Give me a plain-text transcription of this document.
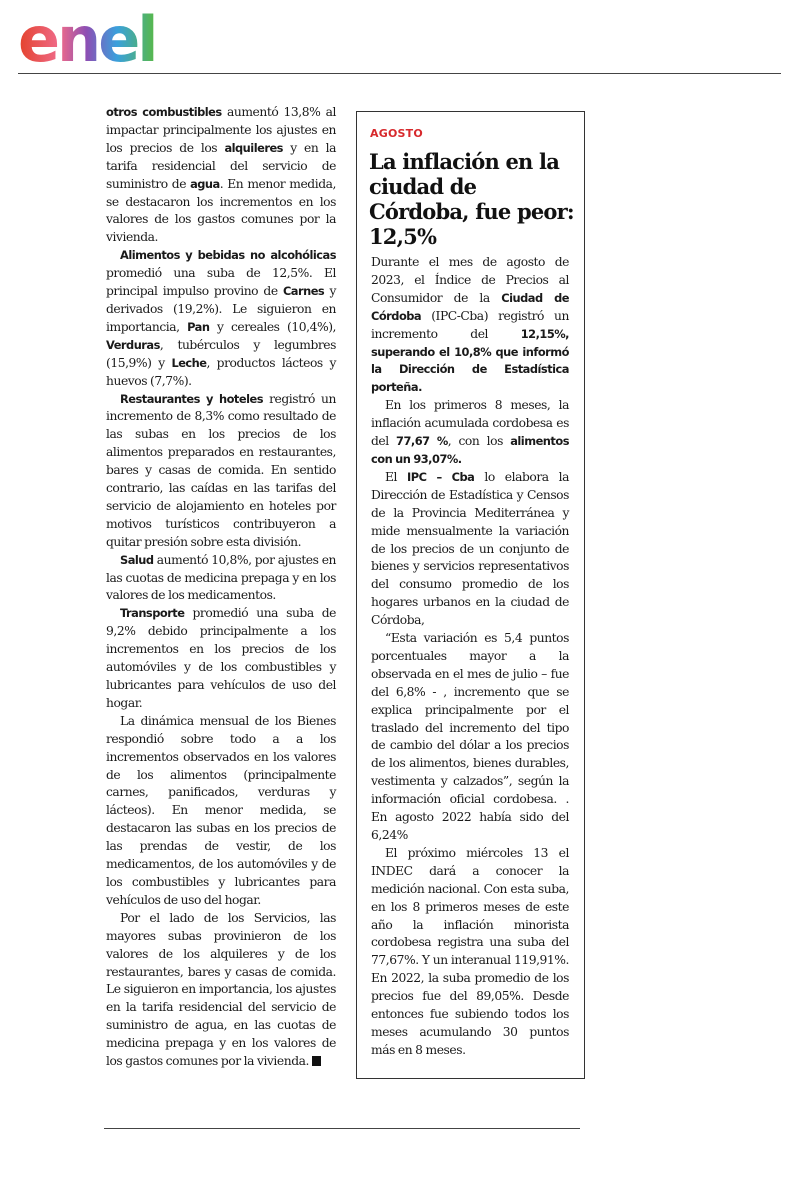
enel

otros combustibles aumentó 13,8% al impactar principalmente los ajustes en los precios de los alquileres y en la tarifa residencial del servicio de suministro de agua. En menor medida, se destacaron los incrementos en los valores de los gastos comunes por la vivienda.

Alimentos y bebidas no alcohólicas promedió una suba de 12,5%. El principal impulso provino de Carnes y derivados (19,2%). Le siguieron en importancia, Pan y cereales (10,4%), Verduras, tubérculos y legumbres (15,9%) y Leche, productos lácteos y huevos (7,7%).

Restaurantes y hoteles registró un incremento de 8,3% como resultado de las subas en los precios de los alimentos preparados en restaurantes, bares y casas de comida. En sentido contrario, las caídas en las tarifas del servicio de alojamiento en hoteles por motivos turísticos contribuyeron a quitar presión sobre esta división.

Salud aumentó 10,8%, por ajustes en las cuotas de medicina prepaga y en los valores de los medicamentos.

Transporte promedió una suba de 9,2% debido principalmente a los incrementos en los precios de los automóviles y de los combustibles y lubricantes para vehículos de uso del hogar.

La dinámica mensual de los Bienes respondió sobre todo a a los incrementos observados en los valores de los alimentos (principalmente carnes, panificados, verduras y lácteos). En menor medida, se destacaron las subas en los precios de las prendas de vestir, de los medicamentos, de los automóviles y de los combustibles y lubricantes para vehículos de uso del hogar.

Por el lado de los Servicios, las mayores subas provinieron de los valores de los alquileres y de los restaurantes, bares y casas de comida. Le siguieron en importancia, los ajustes en la tarifa residencial del servicio de suministro de agua, en las cuotas de medicina prepaga y en los valores de los gastos comunes por la vivienda.

AGOSTO
La inflación en la ciudad de Córdoba, fue peor: 12,5%

Durante el mes de agosto de 2023, el Índice de Precios al Consumidor de la Ciudad de Córdoba (IPC-Cba) registró un incremento del 12,15%, superando el 10,8% que informó la Dirección de Estadística porteña.

En los primeros 8 meses, la inflación acumulada cordobesa es del 77,67 %, con los alimentos con un 93,07%.

El IPC – Cba lo elabora la Dirección de Estadística y Censos de la Provincia Mediterránea y mide mensualmente la variación de los precios de un conjunto de bienes y servicios representativos del consumo promedio de los hogares urbanos en la ciudad de Córdoba,

“Esta variación es 5,4 puntos porcentuales mayor a la observada en el mes de julio – fue del 6,8% - , incremento que se explica principalmente por el traslado del incremento del tipo de cambio del dólar a los precios de los alimentos, bienes durables, vestimenta y calzados”, según la información oficial cordobesa. . En agosto 2022 había sido del 6,24%

El próximo miércoles 13 el INDEC dará a conocer la medición nacional. Con esta suba, en los 8 primeros meses de este año la inflación minorista cordobesa registra una suba del 77,67%. Y un interanual 119,91%. En 2022, la suba promedio de los precios fue del 89,05%. Desde entonces fue subiendo todos los meses acumulando 30 puntos más en 8 meses.
